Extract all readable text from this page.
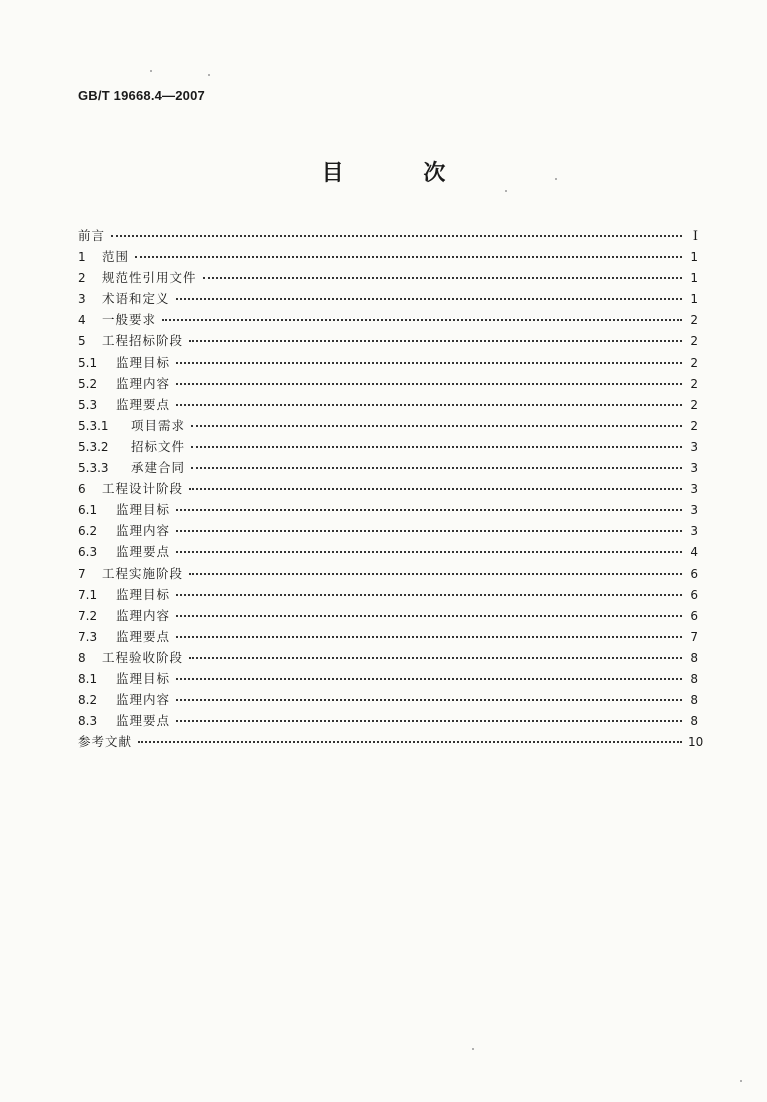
GB/T 19668.4—2007
目 次
前言	I
1	范围	1
2	规范性引用文件	1
3	术语和定义	1
4	一般要求	2
5	工程招标阶段	2
5.1	监理目标	2
5.2	监理内容	2
5.3	监理要点	2
5.3.1	项目需求	2
5.3.2	招标文件	3
5.3.3	承建合同	3
6	工程设计阶段	3
6.1	监理目标	3
6.2	监理内容	3
6.3	监理要点	4
7	工程实施阶段	6
7.1	监理目标	6
7.2	监理内容	6
7.3	监理要点	7
8	工程验收阶段	8
8.1	监理目标	8
8.2	监理内容	8
8.3	监理要点	8
参考文献	10
